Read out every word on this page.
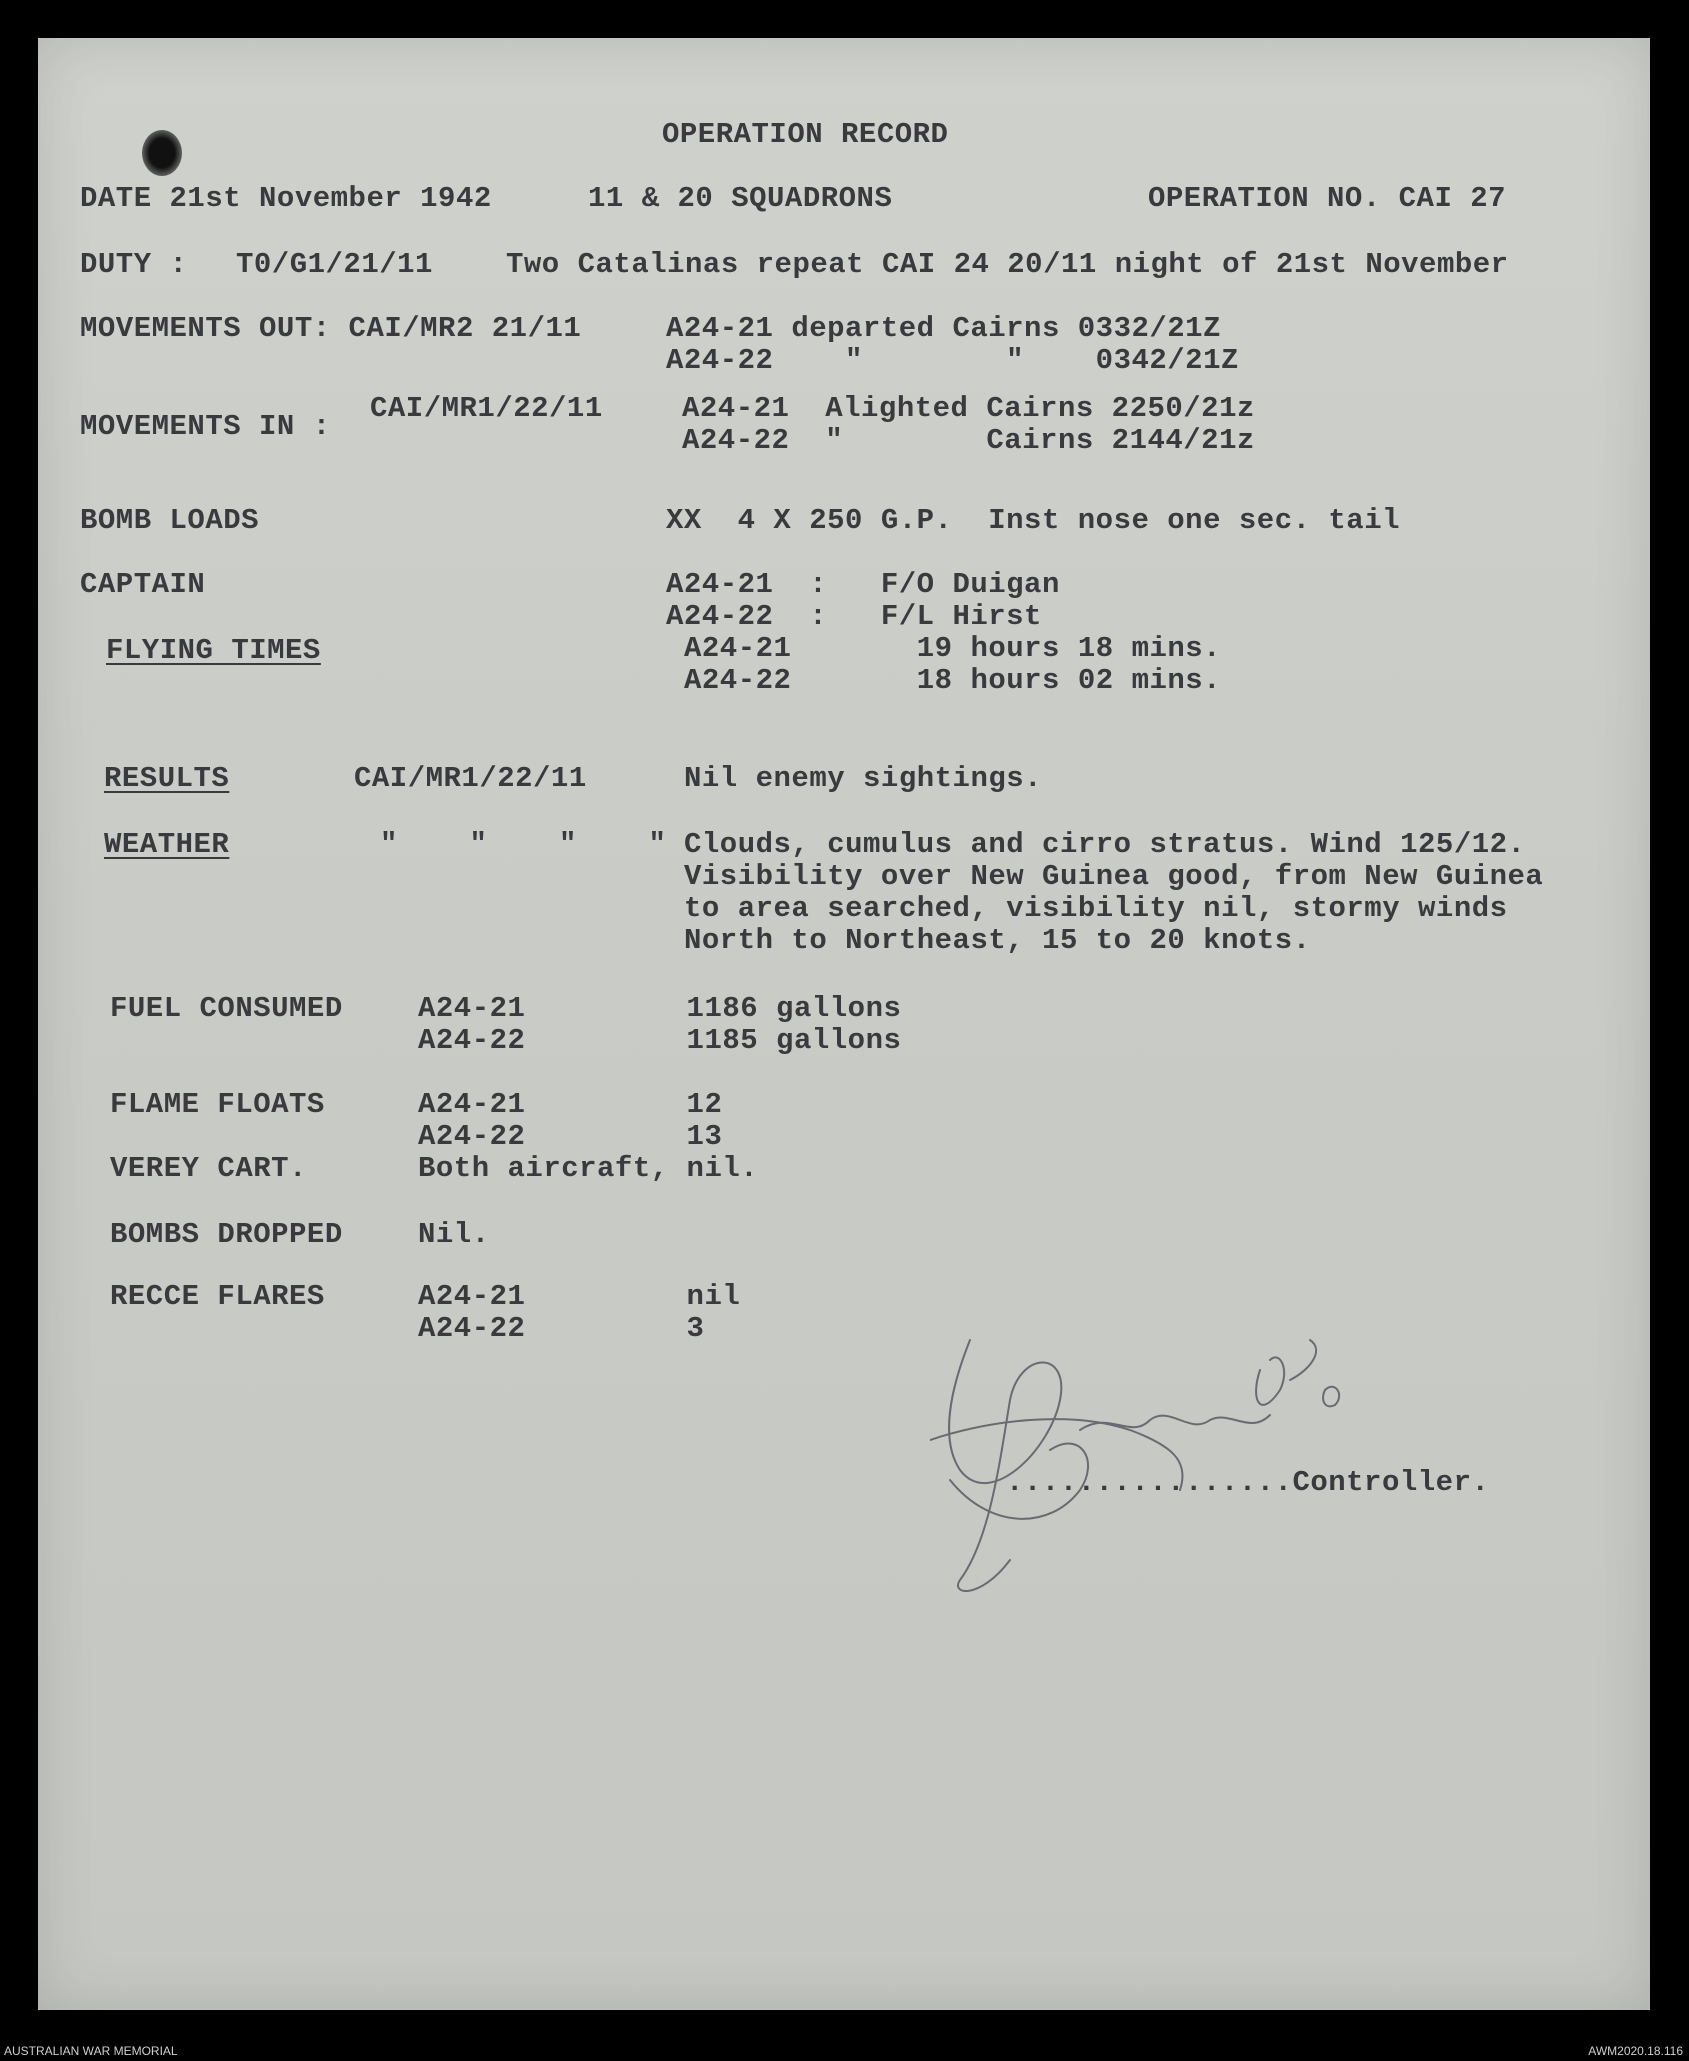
OPERATION RECORD
DATE 21st November 1942	11 & 20 SQUADRONS	OPERATION NO. CAI 27
DUTY : T0/G1/21/11	Two Catalinas repeat CAI 24 20/11 night of 21st November
MOVEMENTS OUT: CAI/MR2 21/11	A24-21 departed Cairns 0332/21Z
A24-22    "        "    0342/21Z
MOVEMENTS IN :
CAI/MR1/22/11	A24-21  Alighted Cairns 2250/21z
A24-22  "        Cairns 2144/21z
BOMB LOADS	XX  4 X 250 G.P.  Inst nose one sec. tail
CAPTAIN	A24-21  :   F/O Duigan
A24-22  :   F/L Hirst
FLYING TIMES	A24-21       19 hours 18 mins.
A24-22       18 hours 02 mins.
RESULTS	CAI/MR1/22/11	Nil enemy sightings.
WEATHER	"    "    "    " Clouds, cumulus and cirro stratus. Wind 125/12.
Visibility over New Guinea good, from New Guinea
to area searched, visibility nil, stormy winds
North to Northeast, 15 to 20 knots.
FUEL CONSUMED	A24-21         1186 gallons
A24-22         1185 gallons
FLAME FLOATS	A24-21         12
A24-22         13
VEREY CART.	Both aircraft, nil.
BOMBS DROPPED	Nil.
RECCE FLARES	A24-21         nil
A24-22         3
................Controller.
AUSTRALIAN WAR MEMORIAL	AWM2020.18.116
